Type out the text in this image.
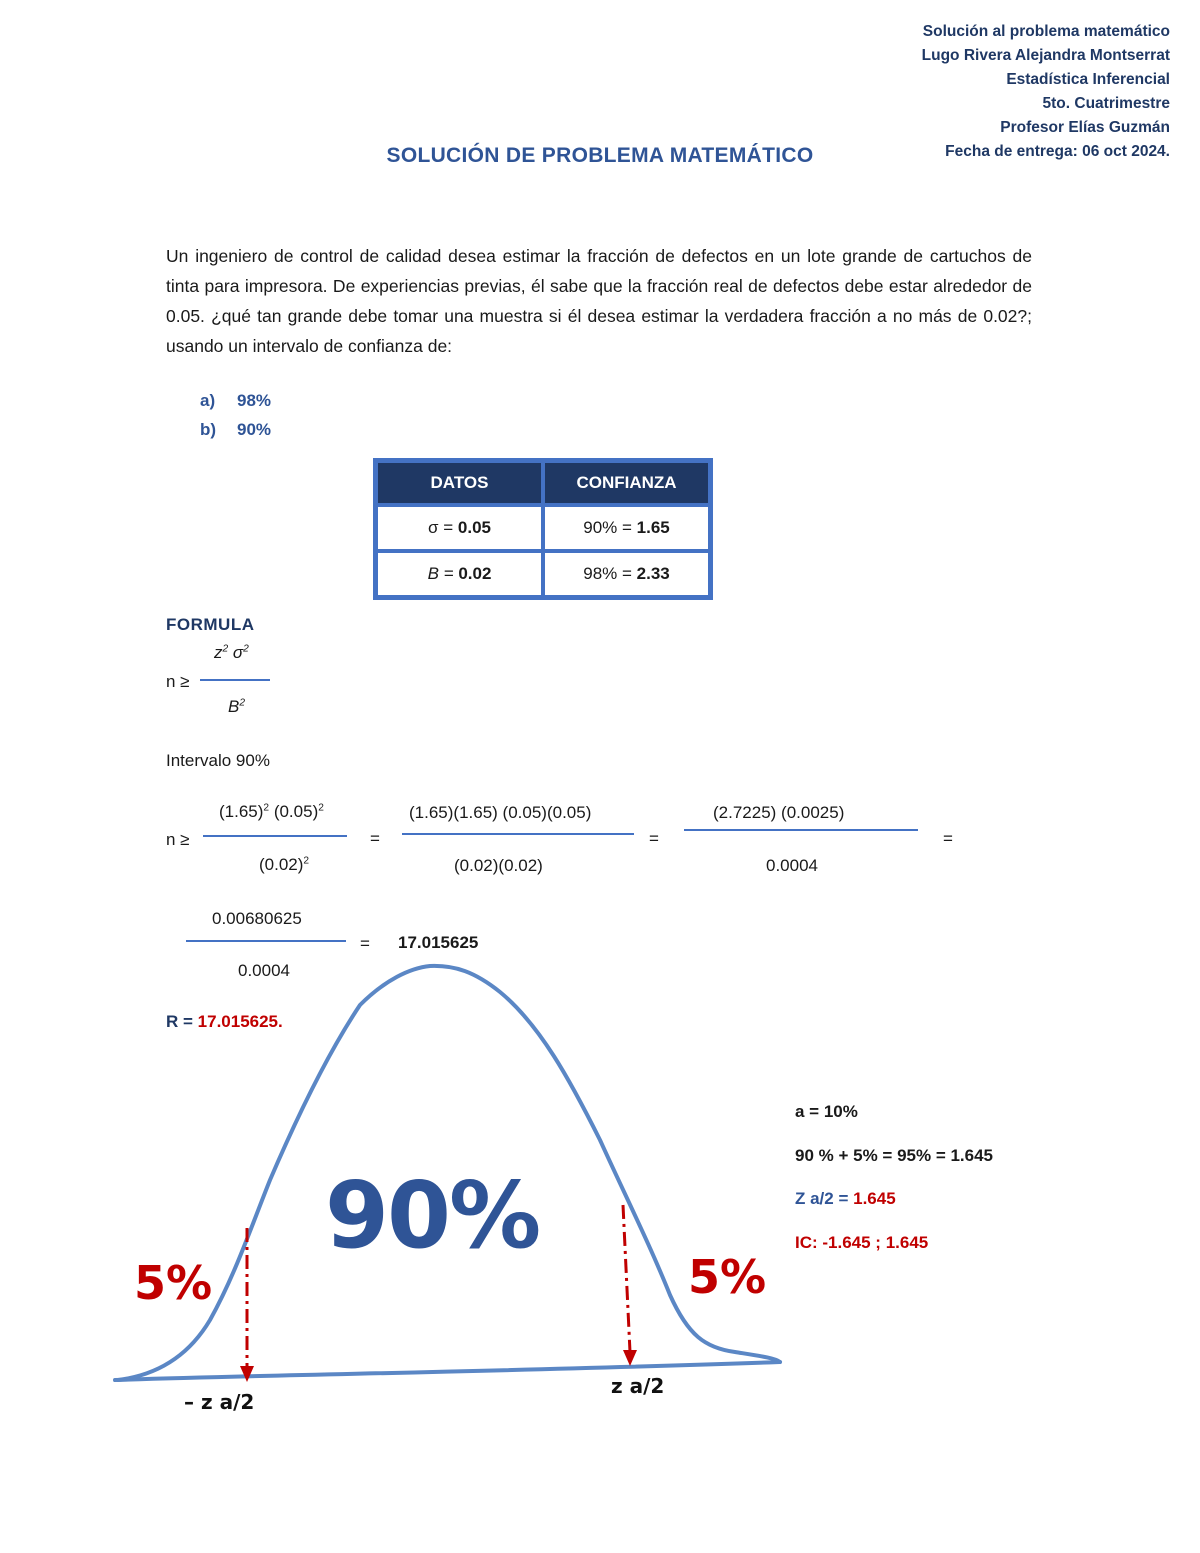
Solución al problema matemático
Lugo Rivera Alejandra Montserrat
Estadística Inferencial
5to. Cuatrimestre
Profesor Elías Guzmán
Fecha de entrega: 06 oct 2024.
SOLUCIÓN DE PROBLEMA MATEMÁTICO
Un ingeniero de control de calidad desea estimar la fracción de defectos en un lote grande de cartuchos de tinta para impresora. De experiencias previas, él sabe que la fracción real de defectos debe estar alrededor de 0.05. ¿qué tan grande debe tomar una muestra si él desea estimar la verdadera fracción a no más de 0.02?; usando un intervalo de confianza de:
a) 98%
b) 90%
DATOS	CONFIANZA
σ = 0.05	90% = 1.65
B = 0.02	98% = 2.33
FORMULA
$z^2$ $\sigma^2$
n ≥
$B^2$
Intervalo 90%
n ≥
$(1.65)^2$ $(0.05)^2$
$(0.02)^2$
=
(1.65)(1.65) (0.05)(0.05)
(0.02)(0.02)
=
(2.7225) (0.0025)
0.0004
=
0.00680625
0.0004
= 17.015625
R = 17.015625.
90%
5%	5%
– z a/2
z a/2
a = 10%
90 % + 5% = 95% = 1.645
Z a/2 = 1.645
IC: -1.645 ; 1.645
